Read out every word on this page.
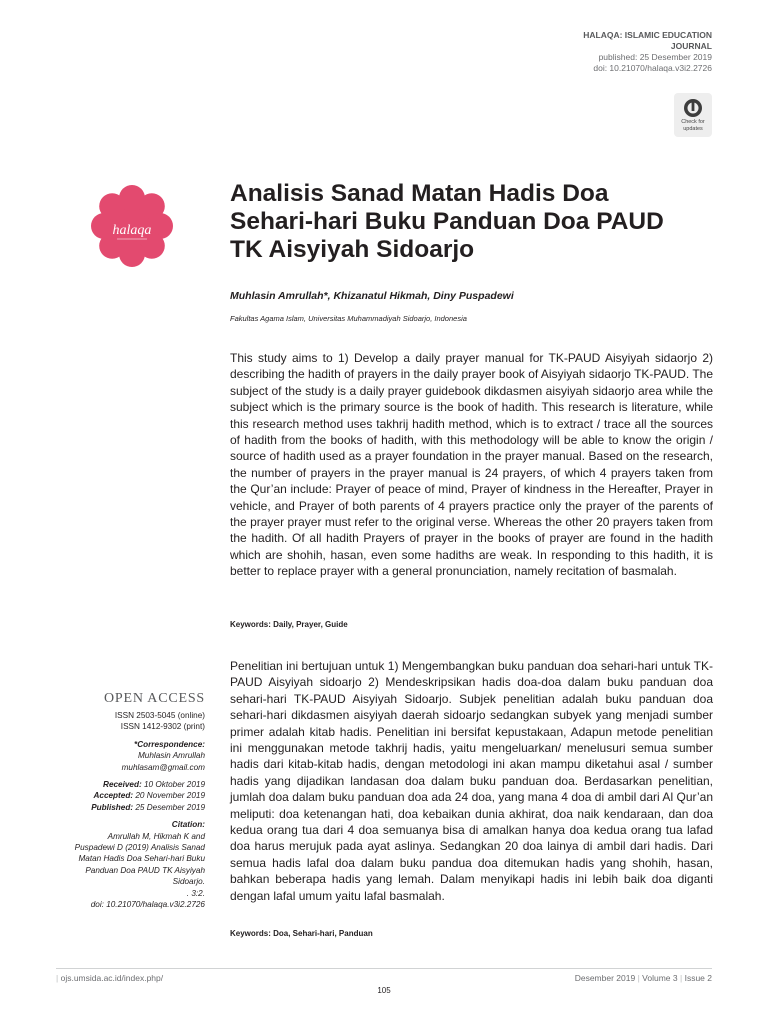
HALAQA: ISLAMIC EDUCATION
JOURNAL
published: 25 Desember 2019
doi: 10.21070/halaqa.v3i2.2726
Check for
updates
halaqa
Analisis Sanad Matan Hadis Doa
Sehari-hari Buku Panduan Doa PAUD
TK Aisyiyah Sidoarjo
Muhlasin Amrullah*, Khizanatul Hikmah, Diny Puspadewi
Fakultas Agama Islam, Universitas Muhammadiyah Sidoarjo, Indonesia

This study aims to 1) Develop a daily prayer manual for TK-PAUD Aisyiyah sidaorjo 2) describing the hadith of prayers in the daily prayer book of Aisyiyah sidaorjo TK-PAUD. The subject of the study is a daily prayer guidebook dikdasmen aisyiyah sidaorjo area while the subject which is the primary source is the book of hadith. This research is literature, while this research method uses takhrij hadith method, which is to extract / trace all the sources of hadith from the books of hadith, with this methodology will be able to know the origin / source of hadith used as a prayer foundation in the prayer manual. Based on the research, the number of prayers in the prayer manual is 24 prayers, of which 4 prayers taken from the Qur’an include: Prayer of peace of mind, Prayer of kindness in the Hereafter, Prayer in vehicle, and Prayer of both parents of 4 prayers practice only the prayer of the parents of the prayer prayer must refer to the original verse. Whereas the other 20 prayers taken from the hadith. Of all hadith Prayers of prayer in the books of prayer are found in the hadith which are shohih, hasan, even some hadiths are weak. In responding to this hadith, it is better to replace prayer with a general pronunciation, namely recitation of basmalah.

Keywords: Daily, Prayer, Guide

Penelitian ini bertujuan untuk 1) Mengembangkan buku panduan doa sehari-hari untuk TK-PAUD Aisyiyah sidoarjo 2) Mendeskripsikan hadis doa-doa dalam buku panduan doa sehari-hari TK-PAUD Aisyiyah Sidoarjo. Subjek penelitian adalah buku panduan doa sehari-hari dikdasmen aisyiyah daerah sidoarjo sedangkan subyek yang menjadi sumber primer adalah kitab hadis. Penelitian ini bersifat kepustakaan, Adapun metode penelitian ini menggunakan metode takhrij hadis, yaitu mengeluarkan/ menelusuri semua sumber hadis dari kitab-kitab hadis, dengan metodologi ini akan mampu diketahui asal / sumber hadis yang dijadikan landasan doa dalam buku panduan doa. Berdasarkan penelitian, jumlah doa dalam buku panduan doa ada 24 doa, yang mana 4 doa di ambil dari Al Qur’an meliputi: doa ketenangan hati, doa kebaikan dunia akhirat, doa naik kendaraan, dan doa kedua orang tua dari 4 doa semuanya bisa di amalkan hanya doa kedua orang tua lafad doa harus merujuk pada ayat aslinya. Sedangkan 20 doa lainya di ambil dari hadis. Dari semua hadis lafal doa dalam buku pandua doa ditemukan hadis yang shohih, hasan, bahkan beberapa hadis yang lemah. Dalam menyikapi hadis ini lebih baik doa diganti dengan lafal umum yaitu lafal basmalah.

Keywords: Doa, Sehari-hari, Panduan
OPEN ACCESS
ISSN 2503-5045 (online)
ISSN 1412-9302 (print)
*Correspondence:
Muhlasin Amrullah
muhlasam@gmail.com
Received: 10 Oktober 2019
Accepted: 20 November 2019
Published: 25 Desember 2019
Citation:
Amrullah M, Hikmah K and
Puspadewi D (2019) Analisis Sanad
Matan Hadis Doa Sehari-hari Buku
Panduan Doa PAUD TK Aisyiyah
Sidoarjo.
. 3:2.
doi: 10.21070/halaqa.v3i2.2726
| ojs.umsida.ac.id/index.php/	Desember 2019 | Volume 3 | Issue 2
105
